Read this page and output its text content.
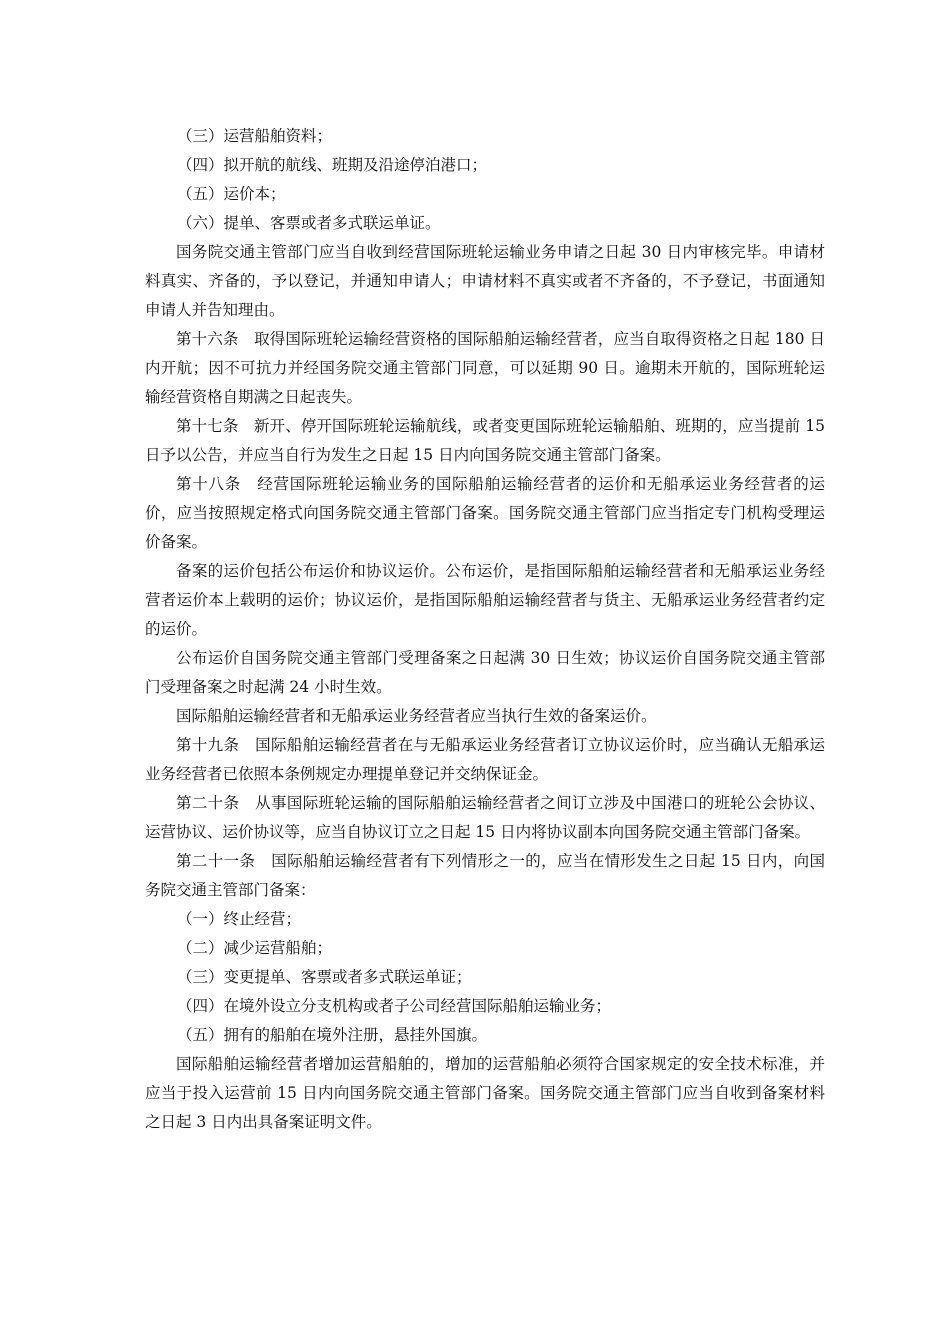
（三）运营船舶资料；

（四）拟开航的航线、班期及沿途停泊港口；

（五）运价本；

（六）提单、客票或者多式联运单证。

国务院交通主管部门应当自收到经营国际班轮运输业务申请之日起 30 日内审核完毕。申请材料真实、齐备的，予以登记，并通知申请人；申请材料不真实或者不齐备的，不予登记，书面通知申请人并告知理由。

第十六条　取得国际班轮运输经营资格的国际船舶运输经营者，应当自取得资格之日起 180 日内开航；因不可抗力并经国务院交通主管部门同意，可以延期 90 日。逾期未开航的，国际班轮运输经营资格自期满之日起丧失。

第十七条　新开、停开国际班轮运输航线，或者变更国际班轮运输船舶、班期的，应当提前 15 日予以公告，并应当自行为发生之日起 15 日内向国务院交通主管部门备案。

第十八条　经营国际班轮运输业务的国际船舶运输经营者的运价和无船承运业务经营者的运价，应当按照规定格式向国务院交通主管部门备案。国务院交通主管部门应当指定专门机构受理运价备案。

备案的运价包括公布运价和协议运价。公布运价，是指国际船舶运输经营者和无船承运业务经营者运价本上载明的运价；协议运价，是指国际船舶运输经营者与货主、无船承运业务经营者约定的运价。

公布运价自国务院交通主管部门受理备案之日起满 30 日生效；协议运价自国务院交通主管部门受理备案之时起满 24 小时生效。

国际船舶运输经营者和无船承运业务经营者应当执行生效的备案运价。

第十九条　国际船舶运输经营者在与无船承运业务经营者订立协议运价时，应当确认无船承运业务经营者已依照本条例规定办理提单登记并交纳保证金。

第二十条　从事国际班轮运输的国际船舶运输经营者之间订立涉及中国港口的班轮公会协议、运营协议、运价协议等，应当自协议订立之日起 15 日内将协议副本向国务院交通主管部门备案。

第二十一条　国际船舶运输经营者有下列情形之一的，应当在情形发生之日起 15 日内，向国务院交通主管部门备案：

（一）终止经营；

（二）减少运营船舶；

（三）变更提单、客票或者多式联运单证；

（四）在境外设立分支机构或者子公司经营国际船舶运输业务；

（五）拥有的船舶在境外注册，悬挂外国旗。

国际船舶运输经营者增加运营船舶的，增加的运营船舶必须符合国家规定的安全技术标准，并应当于投入运营前 15 日内向国务院交通主管部门备案。国务院交通主管部门应当自收到备案材料之日起 3 日内出具备案证明文件。
